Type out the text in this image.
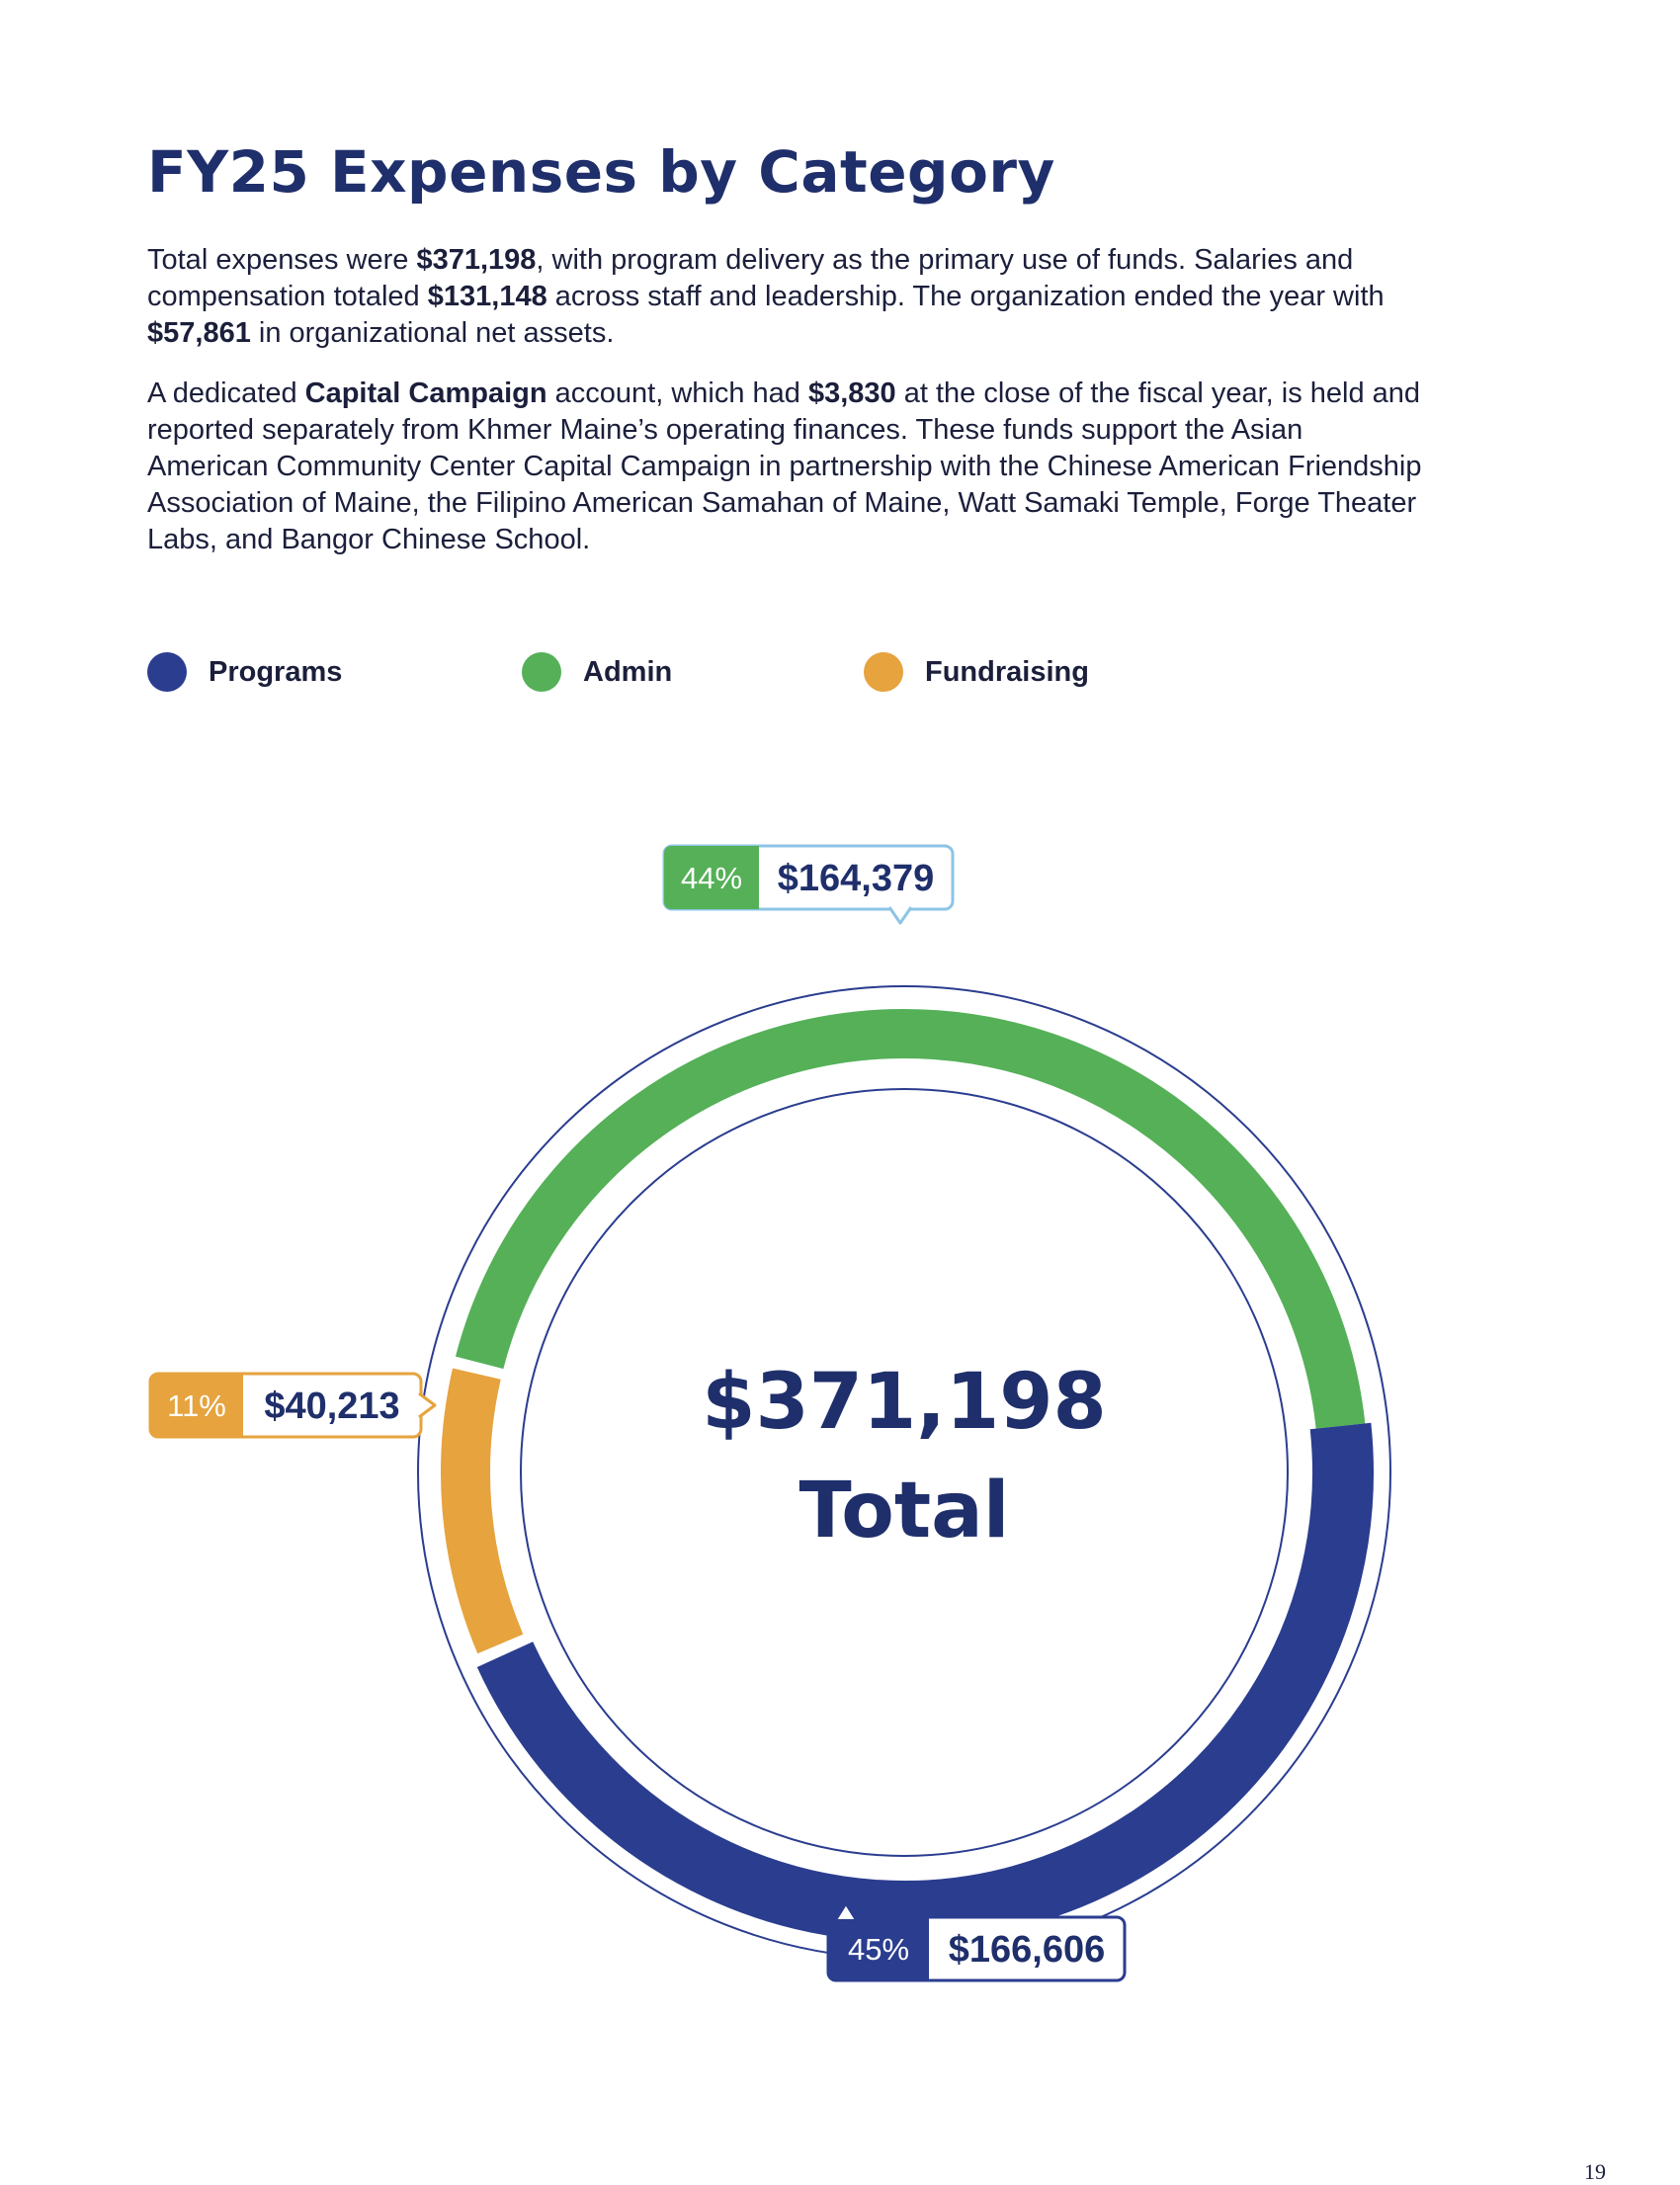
FY25 Expenses by Category

Total expenses were $371,198, with program delivery as the primary use of funds. Salaries and compensation totaled $131,148 across staff and leadership. The organization ended the year with $57,861 in organizational net assets.

A dedicated Capital Campaign account, which had $3,830 at the close of the fiscal year, is held and reported separately from Khmer Maine’s operating finances. These funds support the Asian American Community Center Capital Campaign in partnership with the Chinese American Friendship Association of Maine, the Filipino American Samahan of Maine, Watt Samaki Temple, Forge Theater Labs, and Bangor Chinese School.

Programs	Admin	Fundraising
$371,198
Total
44% $164,379
11% $40,213
45% $166,606
19
